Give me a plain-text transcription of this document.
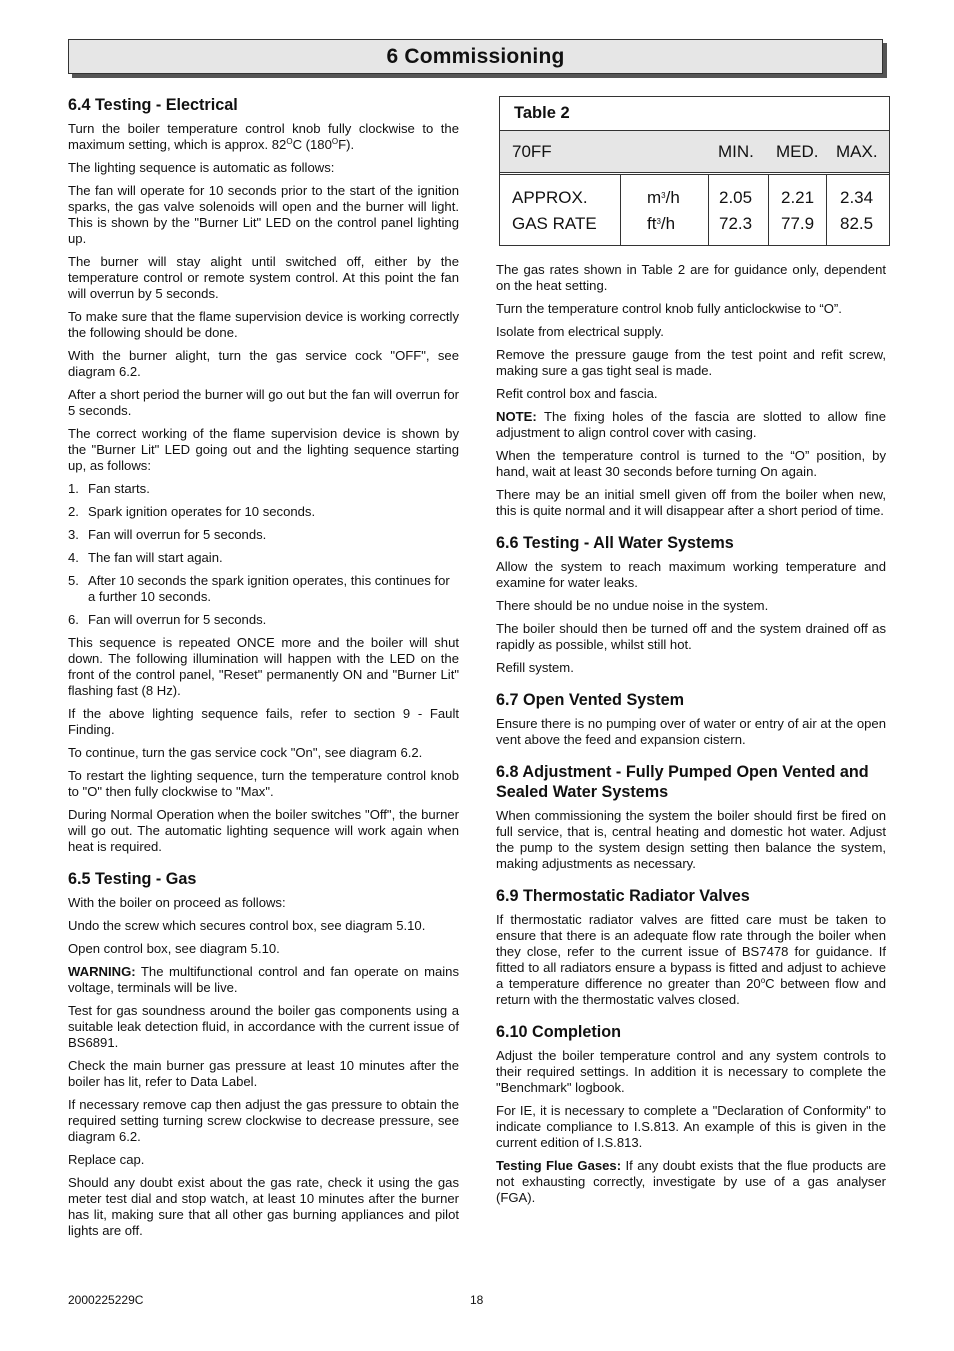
6 Commissioning
6.4 Testing - Electrical

Turn the boiler temperature control knob fully clockwise to the maximum setting, which is approx. $82^OC$ $(180^OF)$.

The lighting sequence is automatic as follows:

The fan will operate for 10 seconds prior to the start of the ignition sparks, the gas valve solenoids will open and the burner will light. This is shown by the "Burner Lit" LED on the control panel lighting up.

The burner will stay alight until switched off, either by the temperature control or remote system control. At this point the fan will overrun by 5 seconds.

To make sure that the flame supervision device is working correctly the following should be done.

With the burner alight, turn the gas service cock "OFF", see diagram 6.2.

After a short period the burner will go out but the fan will overrun for 5 seconds.

The correct working of the flame supervision device is shown by the "Burner Lit" LED going out and the lighting sequence starting up, as follows:

1. Fan starts.
2. Spark ignition operates for 10 seconds.
3. Fan will overrun for 5 seconds.
4. The fan will start again.
5. After 10 seconds the spark ignition operates, this continues for a further 10 seconds.
6. Fan will overrun for 5 seconds.

This sequence is repeated ONCE more and the boiler will shut down. The following illumination will happen with the LED on the front of the control panel, "Reset" permanently ON and "Burner Lit" flashing fast (8 Hz).

If the above lighting sequence fails, refer to section 9 - Fault Finding.

To continue, turn the gas service cock "On", see diagram 6.2.

To restart the lighting sequence, turn the temperature control knob to "O" then fully clockwise to "Max".

During Normal Operation when the boiler switches "Off", the burner will go out. The automatic lighting sequence will work again when heat is required.

6.5 Testing - Gas

With the boiler on proceed as follows:

Undo the screw which secures control box, see diagram 5.10.

Open control box, see diagram 5.10.

WARNING: The multifunctional control and fan operate on mains voltage, terminals will be live.

Test for gas soundness around the boiler gas components using a suitable leak detection fluid, in accordance with the current issue of BS6891.

Check the main burner gas pressure at least 10 minutes after the boiler has lit, refer to Data Label.

If necessary remove cap then adjust the gas pressure to obtain the required setting turning screw clockwise to decrease pressure, see diagram 6.2.

Replace cap.

Should any doubt exist about the gas rate, check it using the gas meter test dial and stop watch, at least 10 minutes after the burner has lit, making sure that all other gas burning appliances and pilot lights are off.

Table 2
70FF	MIN. MED. MAX.
APPROX.
GAS RATE
$m^3/h$
$ft^3/h$
2.05
72.3
2.21
77.9
2.34
82.5

The gas rates shown in Table 2 are for guidance only, dependent on the heat setting.

Turn the temperature control knob fully anticlockwise to “O”.

Isolate from electrical supply.

Remove the pressure gauge from the test point and refit screw, making sure a gas tight seal is made.

Refit control box and fascia.

NOTE: The fixing holes of the fascia are slotted to allow fine adjustment to align control cover with casing.

When the temperature control is turned to the “O” position, by hand, wait at least 30 seconds before turning On again.

There may be an initial smell given off from the boiler when new, this is quite normal and it will disappear after a short period of time.

6.6 Testing - All Water Systems

Allow the system to reach maximum working temperature and examine for water leaks.

There should be no undue noise in the system.

The boiler should then be turned off and the system drained off as rapidly as possible, whilst still hot.

Refill system.

6.7 Open Vented System

Ensure there is no pumping over of water or entry of air at the open vent above the feed and expansion cistern.

6.8 Adjustment - Fully Pumped Open Vented and Sealed Water Systems

When commissioning the system the boiler should first be fired on full service, that is, central heating and domestic hot water. Adjust the pump to the system design setting then balance the system, making adjustments as necessary.

6.9 Thermostatic Radiator Valves

If thermostatic radiator valves are fitted care must be taken to ensure that there is an adequate flow rate through the boiler when they close, refer to the current issue of BS7478 for guidance. If fitted to all radiators ensure a bypass is fitted and adjust to achieve a temperature difference no greater than 20$^o$C between flow and return with the thermostatic valves closed.

6.10 Completion

Adjust the boiler temperature control and any system controls to their required settings. In addition it is necessary to complete the "Benchmark" logbook.

For IE, it is necessary to complete a "Declaration of Conformity" to indicate compliance to I.S.813. An example of this is given in the current edition of I.S.813.

Testing Flue Gases: If any doubt exists that the flue products are not exhausting correctly, investigate by use of a gas analyser (FGA).

2000225229C	18
